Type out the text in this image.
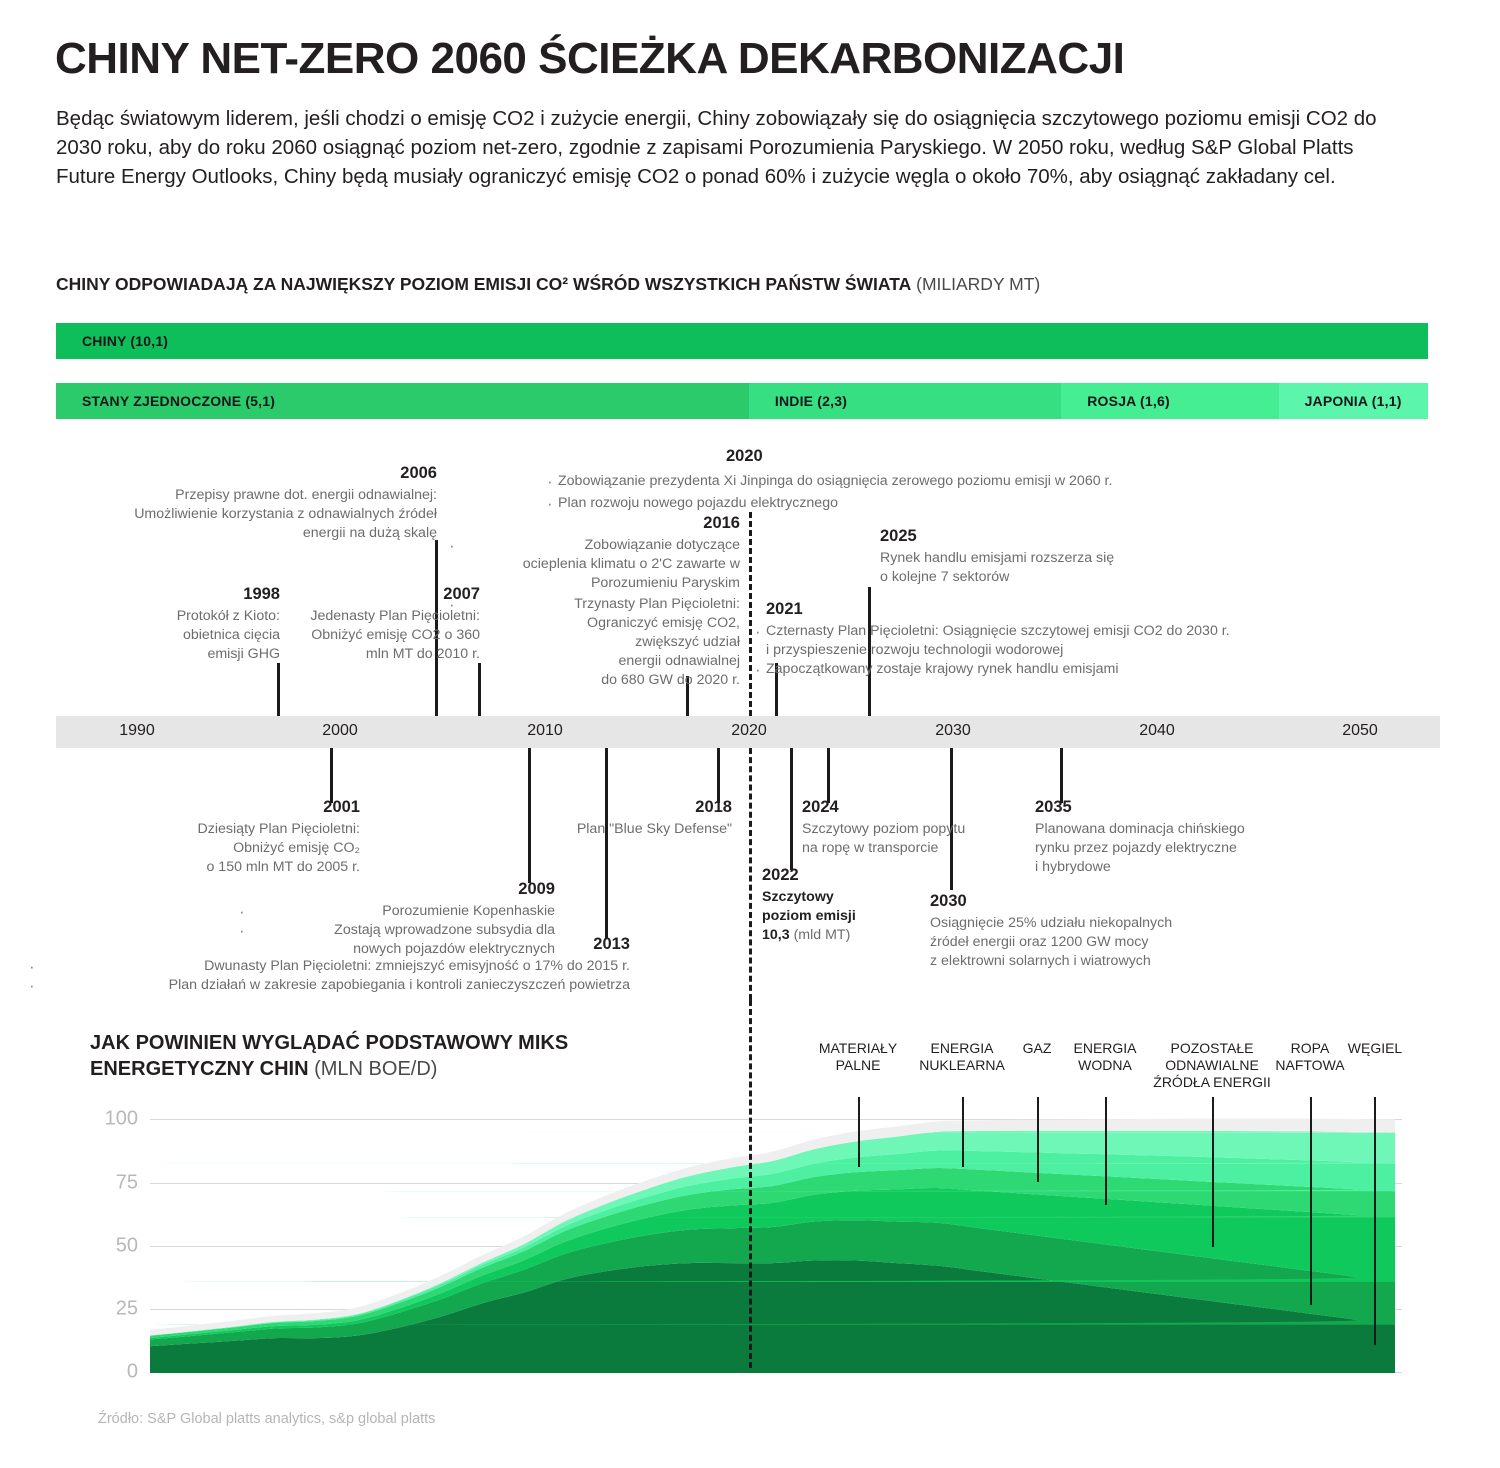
CHINY NET-ZERO 2060 ŚCIEŻKA DEKARBONIZACJI
Będąc światowym liderem, jeśli chodzi o emisję CO2 i zużycie energii, Chiny zobowiązały się do osiągnięcia szczytowego poziomu emisji CO2 do 2030 roku, aby do roku 2060 osiągnąć poziom net-zero, zgodnie z zapisami Porozumienia Paryskiego. W 2050 roku, według S&P Global Platts Future Energy Outlooks, Chiny będą musiały ograniczyć emisję CO2 o ponad 60% i zużycie węgla o około 70%, aby osiągnąć zakładany cel.
CHINY ODPOWIADAJĄ ZA NAJWIĘKSZY POZIOM EMISJI CO² WŚRÓD WSZYSTKICH PAŃSTW ŚWIATA (MILIARDY MT)
CHINY (10,1)
STANY ZJEDNOCZONE (5,1)	INDIE (2,3)	ROSJA (1,6)	JAPONIA (1,1)
1990	2000	2010	2020	2030	2040	2050
1998
Protokół z Kioto:
obietnica cięcia
emisji GHG
2006
Przepisy prawne dot. energii odnawialnej:
Umożliwienie korzystania z odnawialnych źródeł
energii na dużą skalę
2007
Jedenasty Plan Pięcioletni:
Obniżyć emisję CO2 o 360
mln MT do 2010 r.
2016
· Zobowiązanie dotyczące
ocieplenia klimatu o 2'C zawarte w
Porozumieniu Paryskim
· Trzynasty Plan Pięcioletni:
Ograniczyć emisję CO2,
zwiększyć udział
energii odnawialnej
do 680 GW do 2020 r.
2020
· Zobowiązanie prezydenta Xi Jinpinga do osiągnięcia zerowego poziomu emisji w 2060 r.
· Plan rozwoju nowego pojazdu elektrycznego
2021
· Czternasty Plan Pięcioletni: Osiągnięcie szczytowej emisji CO2 do 2030 r.
i przyspieszenie rozwoju technologii wodorowej
· Zapoczątkowany zostaje krajowy rynek handlu emisjami
2025
Rynek handlu emisjami rozszerza się
o kolejne 7 sektorów
2001
Dziesiąty Plan Pięcioletni:
Obniżyć emisję CO₂
o 150 mln MT do 2005 r.
2009
· Porozumienie Kopenhaskie
· Zostają wprowadzone subsydia dla
nowych pojazdów elektrycznych	2013
· Dwunasty Plan Pięcioletni: zmniejszyć emisyjność o 17% do 2015 r.
· Plan działań w zakresie zapobiegania i kontroli zanieczyszczeń powietrza
2018
Plan "Blue Sky Defense"
2022
Szczytowy
poziom emisji
10,3 (mld MT)
2024
Szczytowy poziom popytu
na ropę w transporcie
2030
Osiągnięcie 25% udziału niekopalnych
źródeł energii oraz 1200 GW mocy
z elektrowni solarnych i wiatrowych
2035
Planowana dominacja chińskiego
rynku przez pojazdy elektryczne
i hybrydowe
JAK POWINIEN WYGLĄDAĆ PODSTAWOWY MIKS ENERGETYCZNY CHIN (MLN BOE/D)
100
75
50
25
0
MATERIAŁY
PALNE
ENERGIA
NUKLEARNA
GAZ ENERGIA
WODNA
POZOSTAŁE
ODNAWIALNE
ŹRÓDŁA ENERGII
ROPA
NAFTOWA
WĘGIEL
Źródło: S&P Global platts analytics, s&p global platts
